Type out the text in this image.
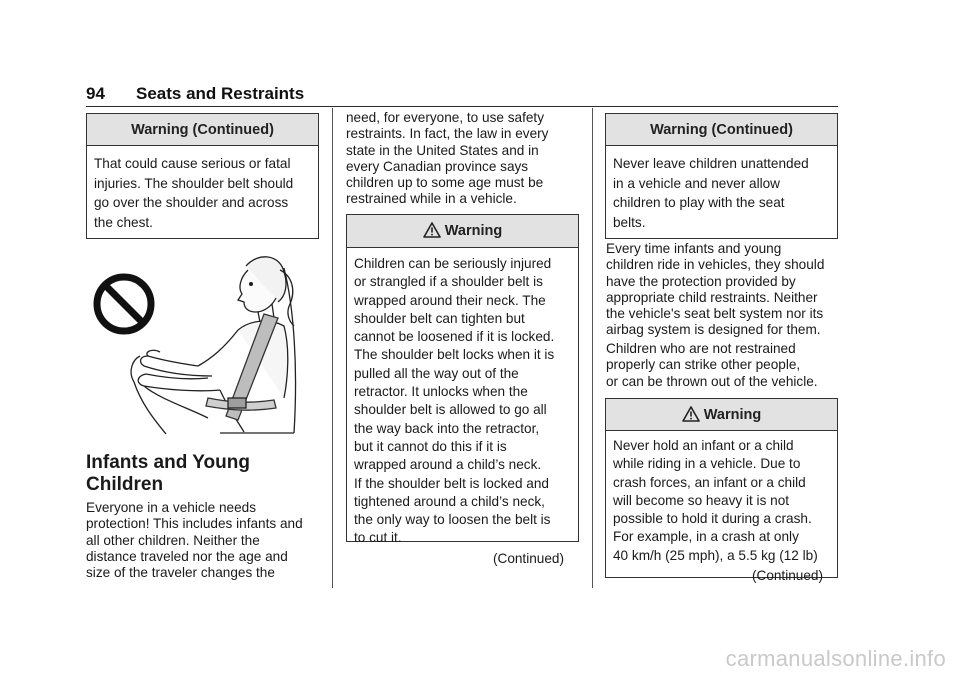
94 Seats and Restraints
Warning (Continued)
That could cause serious or fatal
injuries. The shoulder belt should
go over the shoulder and across
the chest.
Infants and Young
Children
Everyone in a vehicle needs
protection! This includes infants and
all other children. Neither the
distance traveled nor the age and
size of the traveler changes the
need, for everyone, to use safety
restraints. In fact, the law in every
state in the United States and in
every Canadian province says
children up to some age must be
restrained while in a vehicle.
Warning
Children can be seriously injured
or strangled if a shoulder belt is
wrapped around their neck. The
shoulder belt can tighten but
cannot be loosened if it is locked.
The shoulder belt locks when it is
pulled all the way out of the
retractor. It unlocks when the
shoulder belt is allowed to go all
the way back into the retractor,
but it cannot do this if it is
wrapped around a child’s neck.
If the shoulder belt is locked and
tightened around a child’s neck,
the only way to loosen the belt is
to cut it.
(Continued)
Warning (Continued)
Never leave children unattended
in a vehicle and never allow
children to play with the seat
belts.
Every time infants and young
children ride in vehicles, they should
have the protection provided by
appropriate child restraints. Neither
the vehicle's seat belt system nor its
airbag system is designed for them.
Children who are not restrained
properly can strike other people,
or can be thrown out of the vehicle.
Warning
Never hold an infant or a child
while riding in a vehicle. Due to
crash forces, an infant or a child
will become so heavy it is not
possible to hold it during a crash.
For example, in a crash at only
40 km/h (25 mph), a 5.5 kg (12 lb)
(Continued)
carmanualsonline.info
